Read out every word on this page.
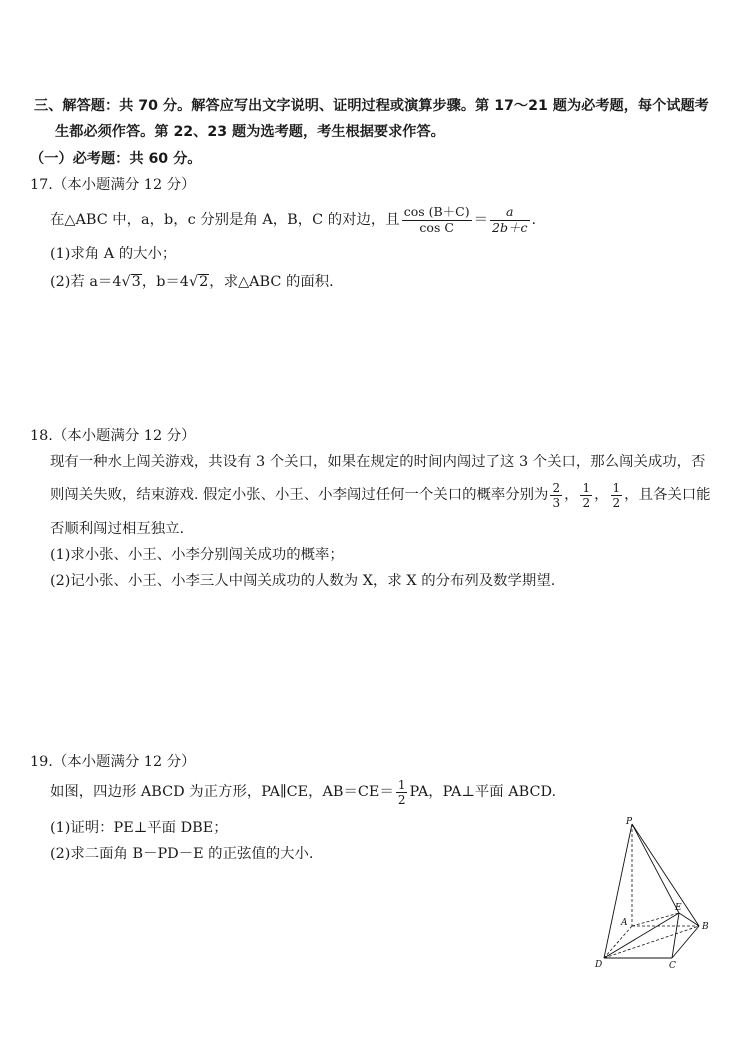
三、解答题：共 70 分。解答应写出文字说明、证明过程或演算步骤。第 17～21 题为必考题，每个试题考
生都必须作答。第 22、23 题为选考题，考生根据要求作答。
（一）必考题：共 60 分。
17.（本小题满分 12 分）
在△ABC 中，a，b，c 分别是角 A，B，C 的对边，且 $\frac{\cos (B+C)}{\text{cos C}} = \frac{a}{2b+c}$ .
(1)求角 A 的大小；
(2)若 a＝4√3，b＝4√2，求△ABC 的面积.
18.（本小题满分 12 分）
现有一种水上闯关游戏，共设有 3 个关口，如果在规定的时间内闯过了这 3 个关口，那么闯关成功，否
则闯关失败，结束游戏. 假定小张、小王、小李闯过任何一个关口的概率分别为 $\frac{2}{3}$ ， $\frac{1}{2}$ ， $\frac{1}{2}$ ，且各关口能
否顺利闯过相互独立.
(1)求小张、小王、小李分别闯关成功的概率；
(2)记小张、小王、小李三人中闯关成功的人数为 X，求 X 的分布列及数学期望.
19.（本小题满分 12 分）
如图，四边形 ABCD 为正方形，PA∥CE，$AB=CE= \frac{1}{2}$ PA，PA⊥平面 ABCD.
(1)证明：PE⊥平面 DBE；
(2)求二面角 B－PD－E 的正弦值的大小.
P
A
E
B
D	C
